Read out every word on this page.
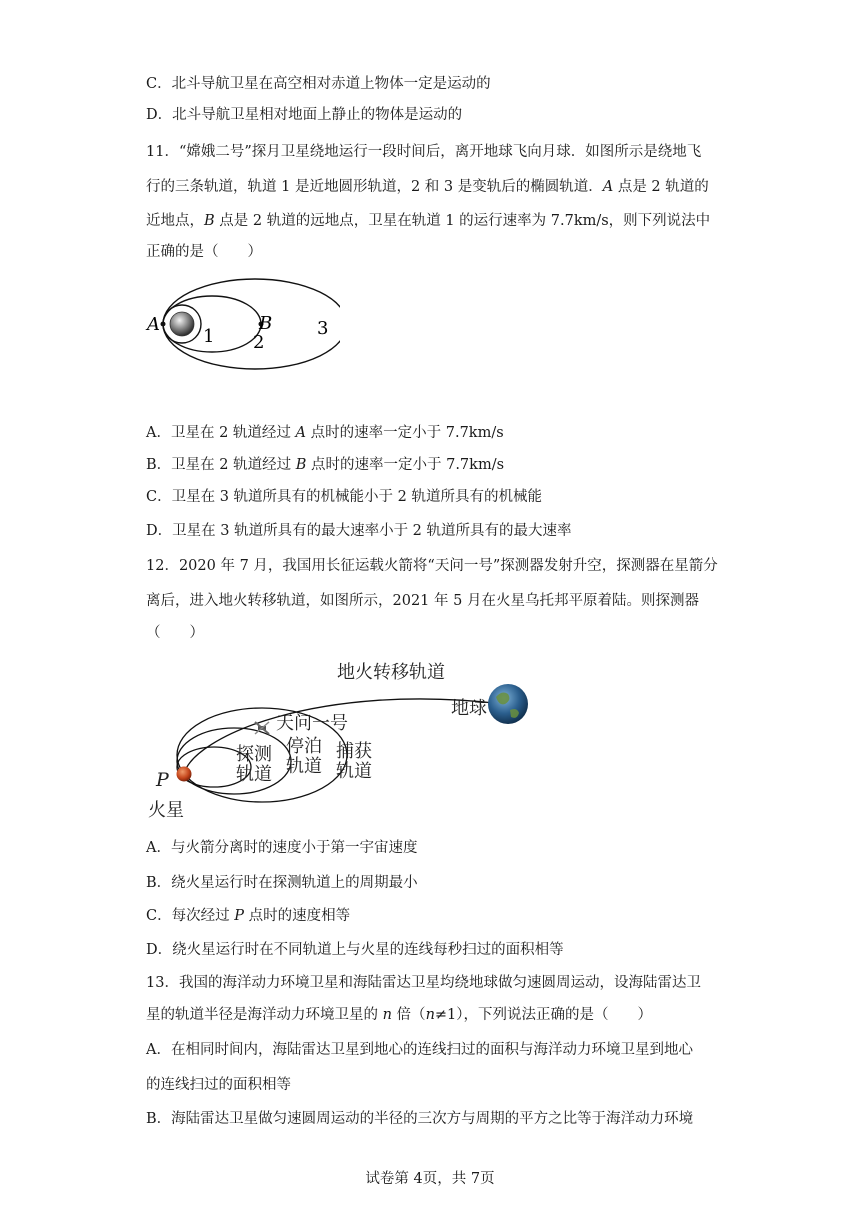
C．北斗导航卫星在高空相对赤道上物体一定是运动的
D．北斗导航卫星相对地面上静止的物体是运动的
11．“嫦娥二号”探月卫星绕地运行一段时间后，离开地球飞向月球．如图所示是绕地飞
行的三条轨道，轨道 1 是近地圆形轨道，2 和 3 是变轨后的椭圆轨道．A 点是 2 轨道的
近地点，B 点是 2 轨道的远地点，卫星在轨道 1 的运行速率为 7.7km/s，则下列说法中
正确的是（　　）
A	B
1 2
3
A．卫星在 2 轨道经过 A 点时的速率一定小于 7.7km/s
B．卫星在 2 轨道经过 B 点时的速率一定小于 7.7km/s
C．卫星在 3 轨道所具有的机械能小于 2 轨道所具有的机械能
D．卫星在 3 轨道所具有的最大速率小于 2 轨道所具有的最大速率
12．2020 年 7 月，我国用长征运载火箭将“天问一号”探测器发射升空，探测器在星箭分
离后，进入地火转移轨道，如图所示，2021 年 5 月在火星乌托邦平原着陆。则探测器
（　　）
地火转移轨道
地球
天问一号
探测
轨道
停泊
轨道
捕获
轨道
P
火星
A．与火箭分离时的速度小于第一宇宙速度
B．绕火星运行时在探测轨道上的周期最小
C．每次经过 P 点时的速度相等
D．绕火星运行时在不同轨道上与火星的连线每秒扫过的面积相等
13．我国的海洋动力环境卫星和海陆雷达卫星均绕地球做匀速圆周运动，设海陆雷达卫
星的轨道半径是海洋动力环境卫星的 n 倍（n≠1），下列说法正确的是（　　）
A．在相同时间内，海陆雷达卫星到地心的连线扫过的面积与海洋动力环境卫星到地心
的连线扫过的面积相等
B．海陆雷达卫星做匀速圆周运动的半径的三次方与周期的平方之比等于海洋动力环境
试卷第 4页，共 7页
